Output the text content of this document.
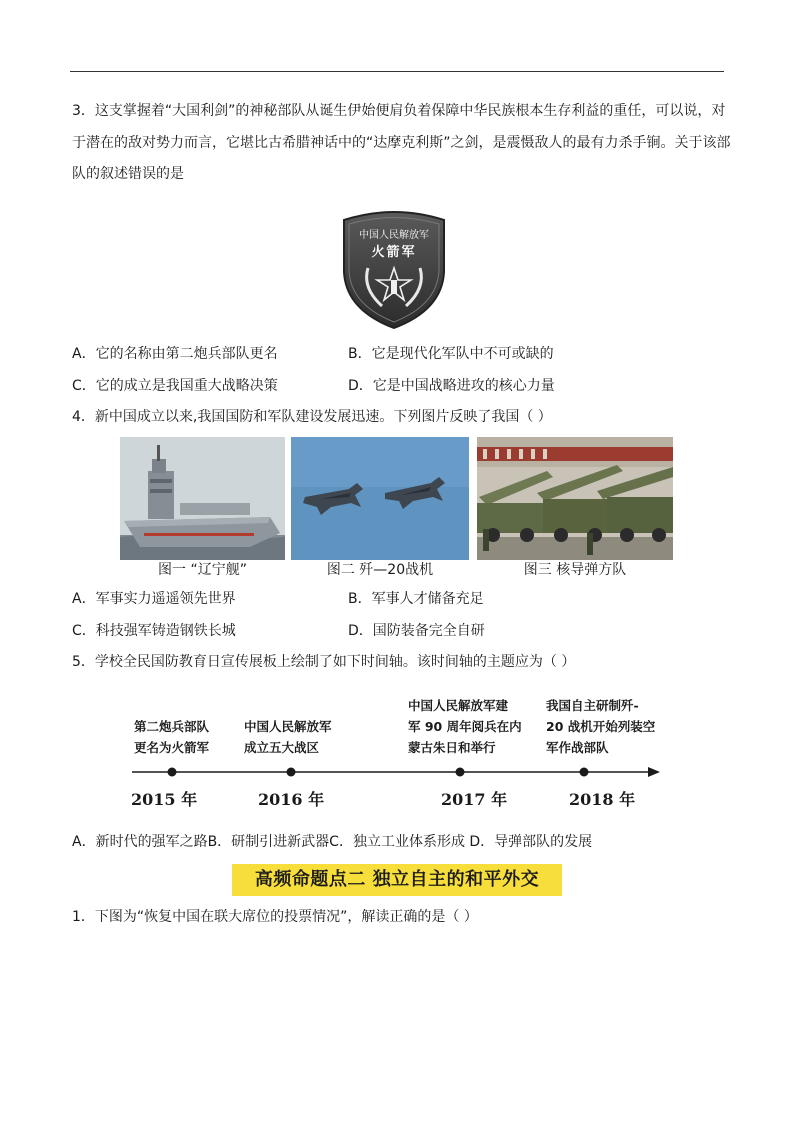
3．这支掌握着“大国利剑”的神秘部队从诞生伊始便肩负着保障中华民族根本生存利益的重任，可以说，对
于潜在的敌对势力而言，它堪比古希腊神话中的“达摩克利斯”之剑，是震慑敌人的最有力杀手锏。关于该部
队的叙述错误的是
中国人民解放军
火箭军
A．它的名称由第二炮兵部队更名	B．它是现代化军队中不可或缺的
C．它的成立是我国重大战略决策	D．它是中国战略进攻的核心力量
4．新中国成立以来,我国国防和军队建设发展迅速。下列图片反映了我国（ ）
图一 “辽宁舰”	图二 歼—20战机	图三 核导弹方队
A．军事实力遥遥领先世界	B．军事人才储备充足
C．科技强军铸造钢铁长城	D．国防装备完全自研
5．学校全民国防教育日宣传展板上绘制了如下时间轴。该时间轴的主题应为（ ）
第二炮兵部队
更名为火箭军
中国人民解放军
成立五大战区
中国人民解放军建
军 90 周年阅兵在内
蒙古朱日和举行
我国自主研制歼-
20 战机开始列装空
军作战部队
2015 年	2016 年	2017 年	2018 年
A．新时代的强军之路B．研制引进新武器C．独立工业体系形成 D．导弹部队的发展
高频命题点二 独立自主的和平外交
1．下图为“恢复中国在联大席位的投票情况”，解读正确的是（ ）
